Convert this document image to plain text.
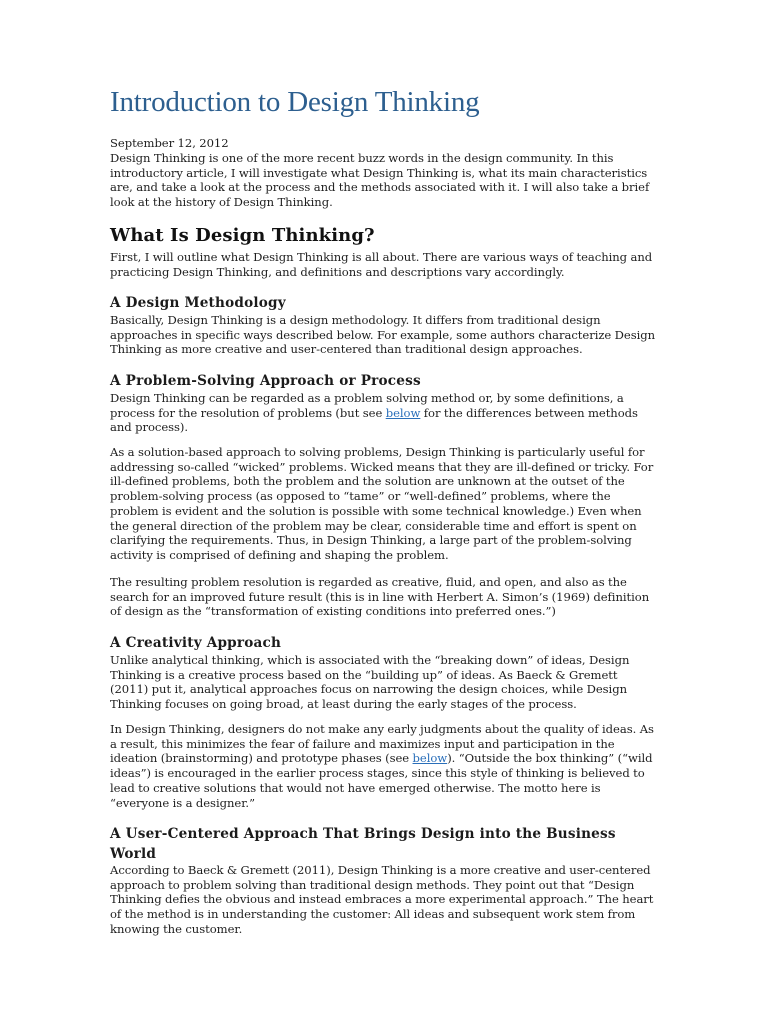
Introduction to Design Thinking
September 12, 2012

Design Thinking is one of the more recent buzz words in the design community. In this introductory article, I will investigate what Design Thinking is, what its main characteristics are, and take a look at the process and the methods associated with it. I will also take a brief look at the history of Design Thinking.

What Is Design Thinking?

First, I will outline what Design Thinking is all about. There are various ways of teaching and practicing Design Thinking, and definitions and descriptions vary accordingly.

A Design Methodology

Basically, Design Thinking is a design methodology. It differs from traditional design approaches in specific ways described below. For example, some authors characterize Design Thinking as more creative and user-centered than traditional design approaches.

A Problem-Solving Approach or Process

Design Thinking can be regarded as a problem solving method or, by some definitions, a process for the resolution of problems (but see below for the differences between methods and process).

As a solution-based approach to solving problems, Design Thinking is particularly useful for addressing so-called “wicked” problems. Wicked means that they are ill-defined or tricky. For ill-defined problems, both the problem and the solution are unknown at the outset of the problem-solving process (as opposed to “tame” or “well-defined” problems, where the problem is evident and the solution is possible with some technical knowledge.) Even when the general direction of the problem may be clear, considerable time and effort is spent on clarifying the requirements. Thus, in Design Thinking, a large part of the problem-solving activity is comprised of defining and shaping the problem.

The resulting problem resolution is regarded as creative, fluid, and open, and also as the search for an improved future result (this is in line with Herbert A. Simon’s (1969) definition of design as the “transformation of existing conditions into preferred ones.”)

A Creativity Approach

Unlike analytical thinking, which is associated with the “breaking down” of ideas, Design Thinking is a creative process based on the “building up” of ideas. As Baeck & Gremett (2011) put it, analytical approaches focus on narrowing the design choices, while Design Thinking focuses on going broad, at least during the early stages of the process.

In Design Thinking, designers do not make any early judgments about the quality of ideas. As a result, this minimizes the fear of failure and maximizes input and participation in the ideation (brainstorming) and prototype phases (see below). “Outside the box thinking” (“wild ideas”) is encouraged in the earlier process stages, since this style of thinking is believed to lead to creative solutions that would not have emerged otherwise. The motto here is “everyone is a designer.”

A User-Centered Approach That Brings Design into the Business World

According to Baeck & Gremett (2011), Design Thinking is a more creative and user-centered approach to problem solving than traditional design methods. They point out that “Design Thinking defies the obvious and instead embraces a more experimental approach.” The heart of the method is in understanding the customer: All ideas and subsequent work stem from knowing the customer.
